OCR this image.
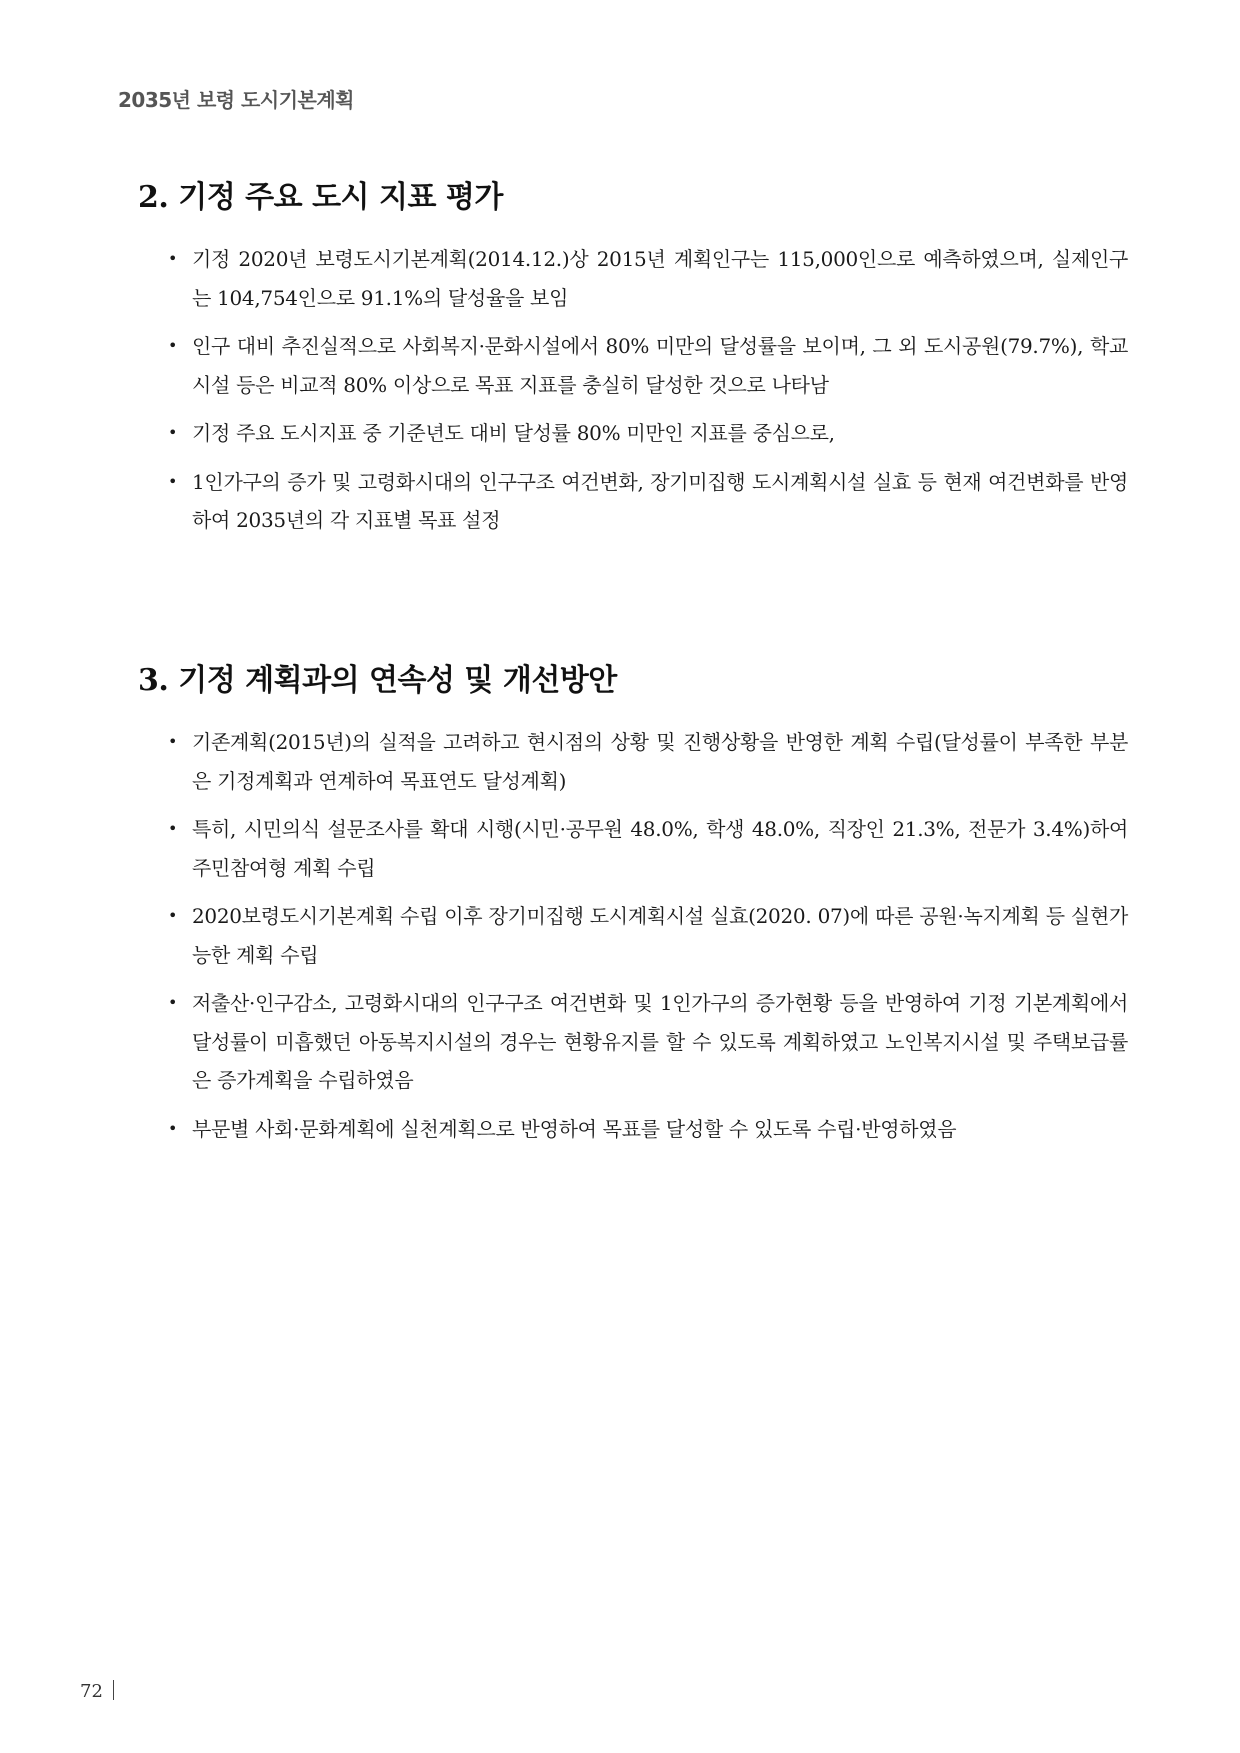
2035년 보령 도시기본계획
2. 기정 주요 도시 지표 평가
• 기정 2020년 보령도시기본계획(2014.12.)상 2015년 계획인구는 115,000인으로 예측하였으며, 실제인구는 104,754인으로 91.1%의 달성율을 보임
• 인구 대비 추진실적으로 사회복지·문화시설에서 80% 미만의 달성률을 보이며, 그 외 도시공원(79.7%), 학교시설 등은 비교적 80% 이상으로 목표 지표를 충실히 달성한 것으로 나타남
• 기정 주요 도시지표 중 기준년도 대비 달성률 80% 미만인 지표를 중심으로,
• 1인가구의 증가 및 고령화시대의 인구구조 여건변화, 장기미집행 도시계획시설 실효 등 현재 여건변화를 반영하여 2035년의 각 지표별 목표 설정
3. 기정 계획과의 연속성 및 개선방안
• 기존계획(2015년)의 실적을 고려하고 현시점의 상황 및 진행상황을 반영한 계획 수립(달성률이 부족한 부분은 기정계획과 연계하여 목표연도 달성계획)
• 특히, 시민의식 설문조사를 확대 시행(시민·공무원 48.0%, 학생 48.0%, 직장인 21.3%, 전문가 3.4%)하여 주민참여형 계획 수립
• 2020보령도시기본계획 수립 이후 장기미집행 도시계획시설 실효(2020. 07)에 따른 공원·녹지계획 등 실현가능한 계획 수립
• 저출산·인구감소, 고령화시대의 인구구조 여건변화 및 1인가구의 증가현황 등을 반영하여 기정 기본계획에서 달성률이 미흡했던 아동복지시설의 경우는 현황유지를 할 수 있도록 계획하였고 노인복지시설 및 주택보급률은 증가계획을 수립하였음
• 부문별 사회·문화계획에 실천계획으로 반영하여 목표를 달성할 수 있도록 수립·반영하였음
72
